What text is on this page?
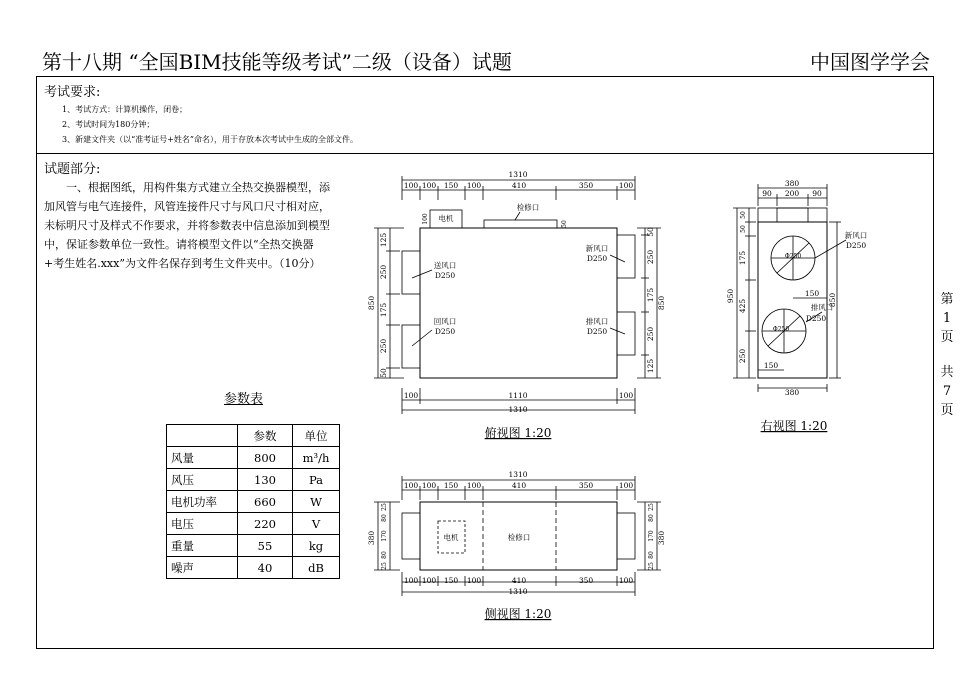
第十八期 “全国BIM技能等级考试”二级（设备）试题	中国图学学会
考试要求:
1、考试方式：计算机操作，闭卷；
2、考试时间为180分钟；
3、新建文件夹（以“准考证号+姓名”命名），用于存放本次考试中生成的全部文件。
试题部分:
一、根据图纸，用构件集方式建立全热交换器模型，添加风管与电气连接件，风管连接件尺寸与风口尺寸相对应，未标明尺寸及样式不作要求，并将参数表中信息添加到模型中，保证参数单位一致性。请将模型文件以“全热交换器+考生姓名.xxx”为文件名保存到考生文件夹中。（10分）
参数表
	参数	单位
风量	800	m³/h
风压	130	Pa
电机功率	660	W
电压	220	V
重量	55	kg
噪声	40	dB
第
1
页
共
7
页
1310
100 100 150 100	410	350	100
电机
检修口
送风口
D250
回风口
D250
新风口
D250
排风口
D250
100	1110	100
1310
125
250
175
250
50
850
50
250
175
250
125
850
100	50
俯视图 1:20
380
90 200 90
新风口
D250
排风口
D250
Φ250
Φ250
50
50
175
425
250
950	850
150
150
380
右视图 1:20
1310
100 100 150 100	410	350	100
100 100 150 100	410	350	100
1310
电机	检修口
25
80
170
80
25
380
25
80
170
80
25
380
侧视图 1:20
